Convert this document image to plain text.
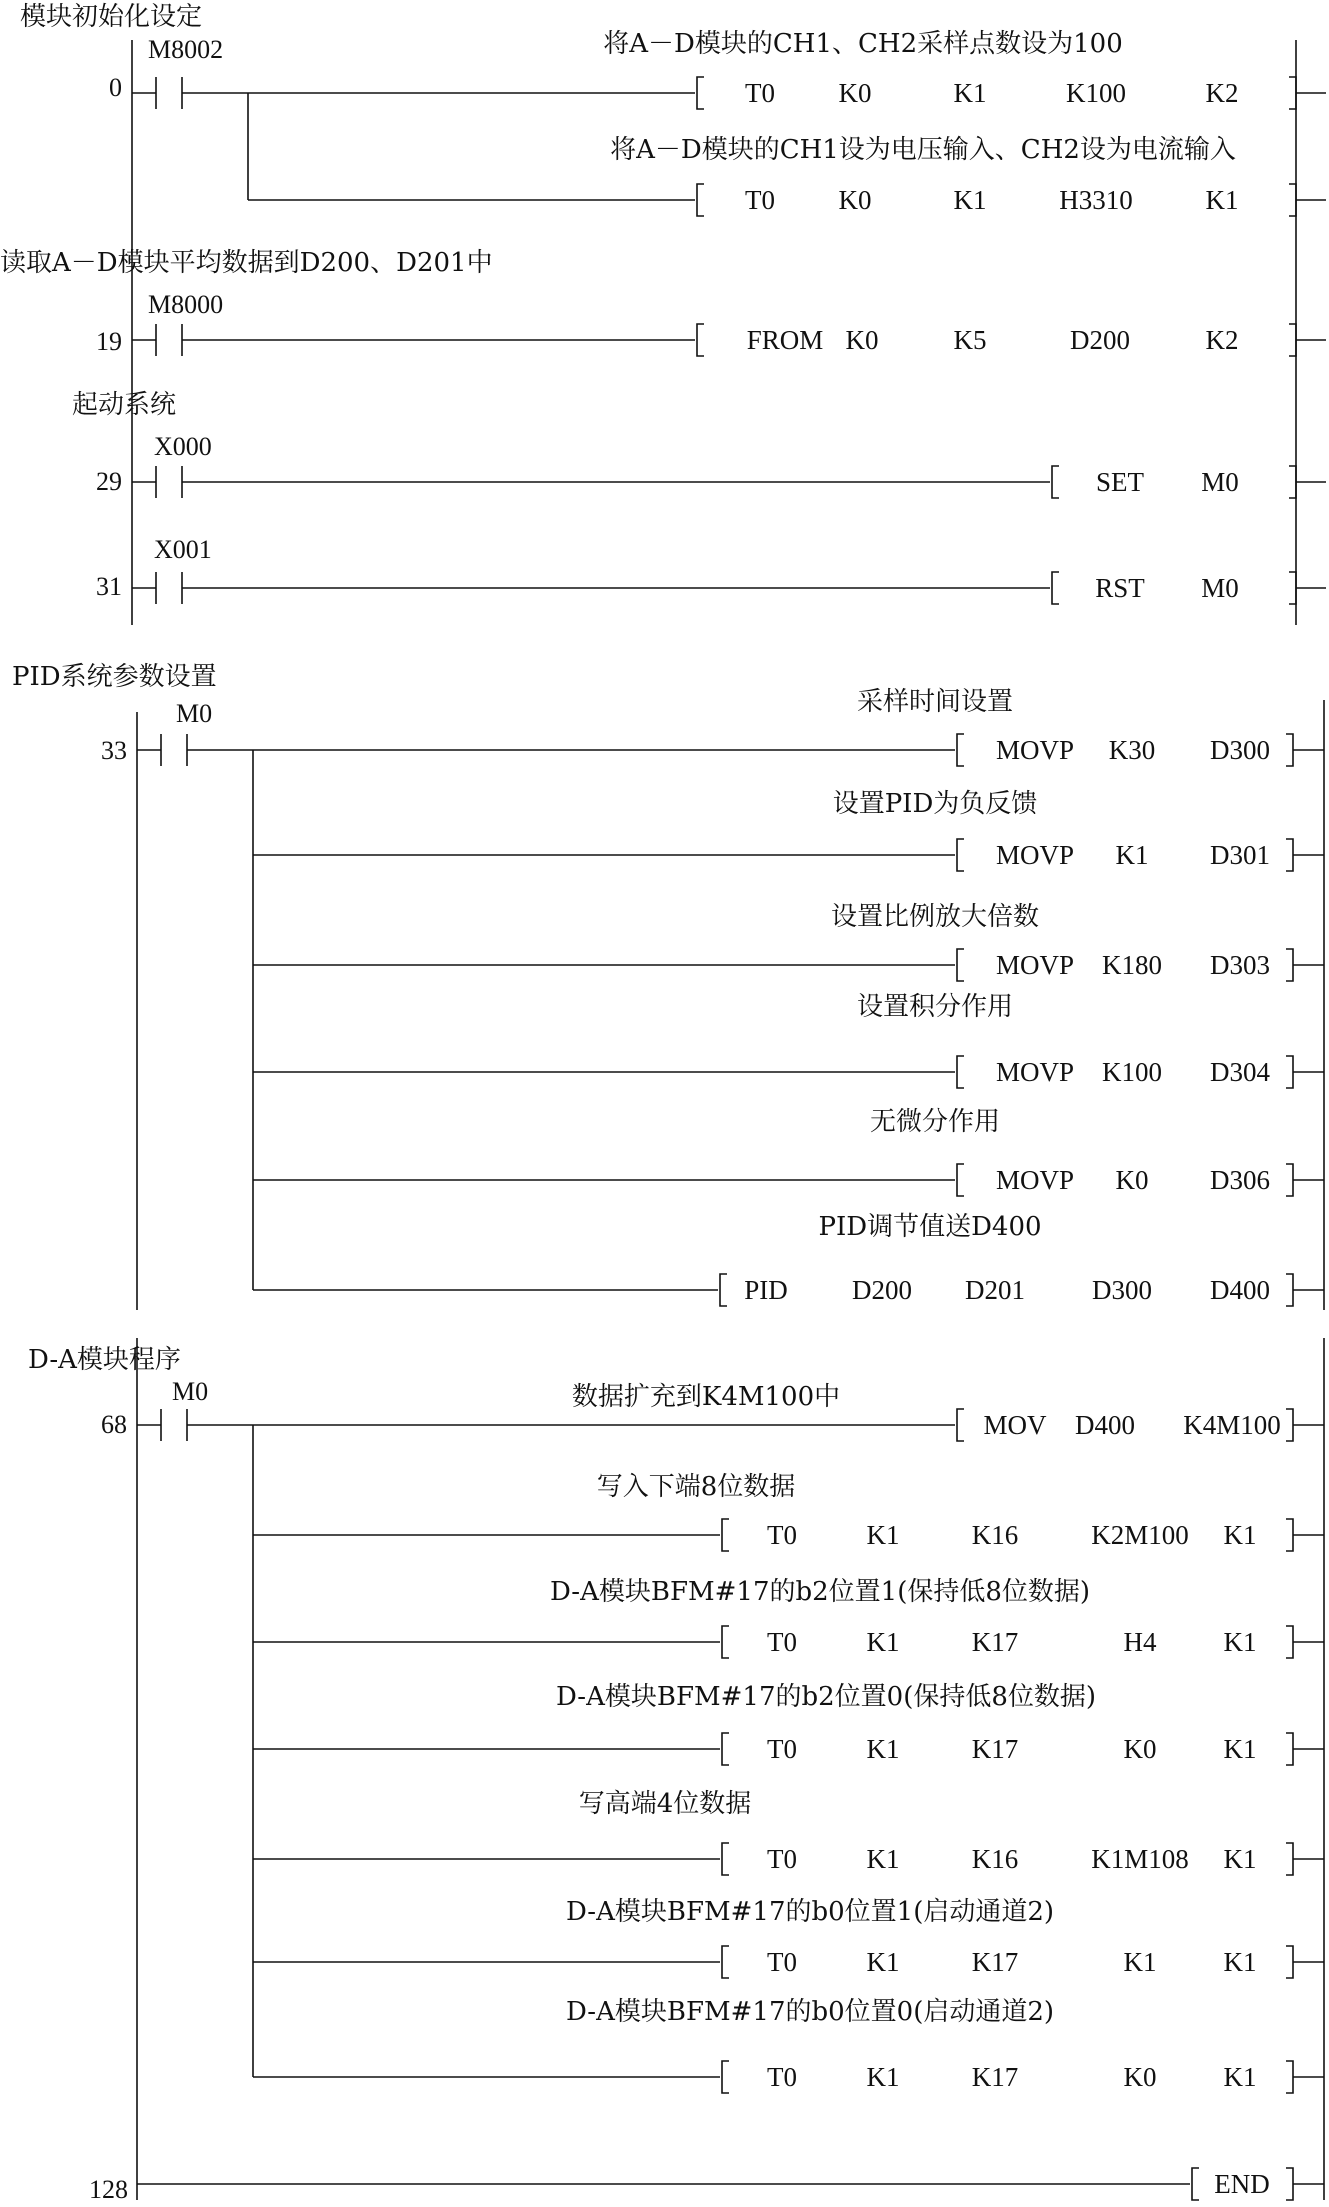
模块初始化设定
读取A－D模块平均数据到D200、D201中
起动系统
PID系统参数设置
D-A模块程序
0
M8002
19
M8000
29
X000
31
X001
33
M0
68
M0
128
将A－D模块的CH1、CH2采样点数设为100
T0 K0	K1	K100	K2
将A－D模块的CH1设为电压输入、CH2设为电流输入
T0 K0	K1	H3310	K1
FROM K0	K5	D200	K2
SET M0
RST M0
采样时间设置
MOVP K30 D300
设置PID为负反馈
MOVP K1 D301
设置比例放大倍数
MOVP K180 D303
设置积分作用
MOVP K100 D304
无微分作用
MOVP K0 D306
PID调节值送D400
PID D200 D201 D300 D400
数据扩充到K4M100中
MOV D400 K4M100
写入下端8位数据
T0	K1	K16	K2M100 K1
D-A模块BFM#17的b2位置1(保持低8位数据)
T0	K1	K17	H4 K1
D-A模块BFM#17的b2位置0(保持低8位数据)
T0	K1	K17	K0 K1
写高端4位数据
T0	K1	K16	K1M108 K1
D-A模块BFM#17的b0位置1(启动通道2)
T0	K1	K17	K1 K1
D-A模块BFM#17的b0位置0(启动通道2)
T0	K1	K17	K0 K1
END
